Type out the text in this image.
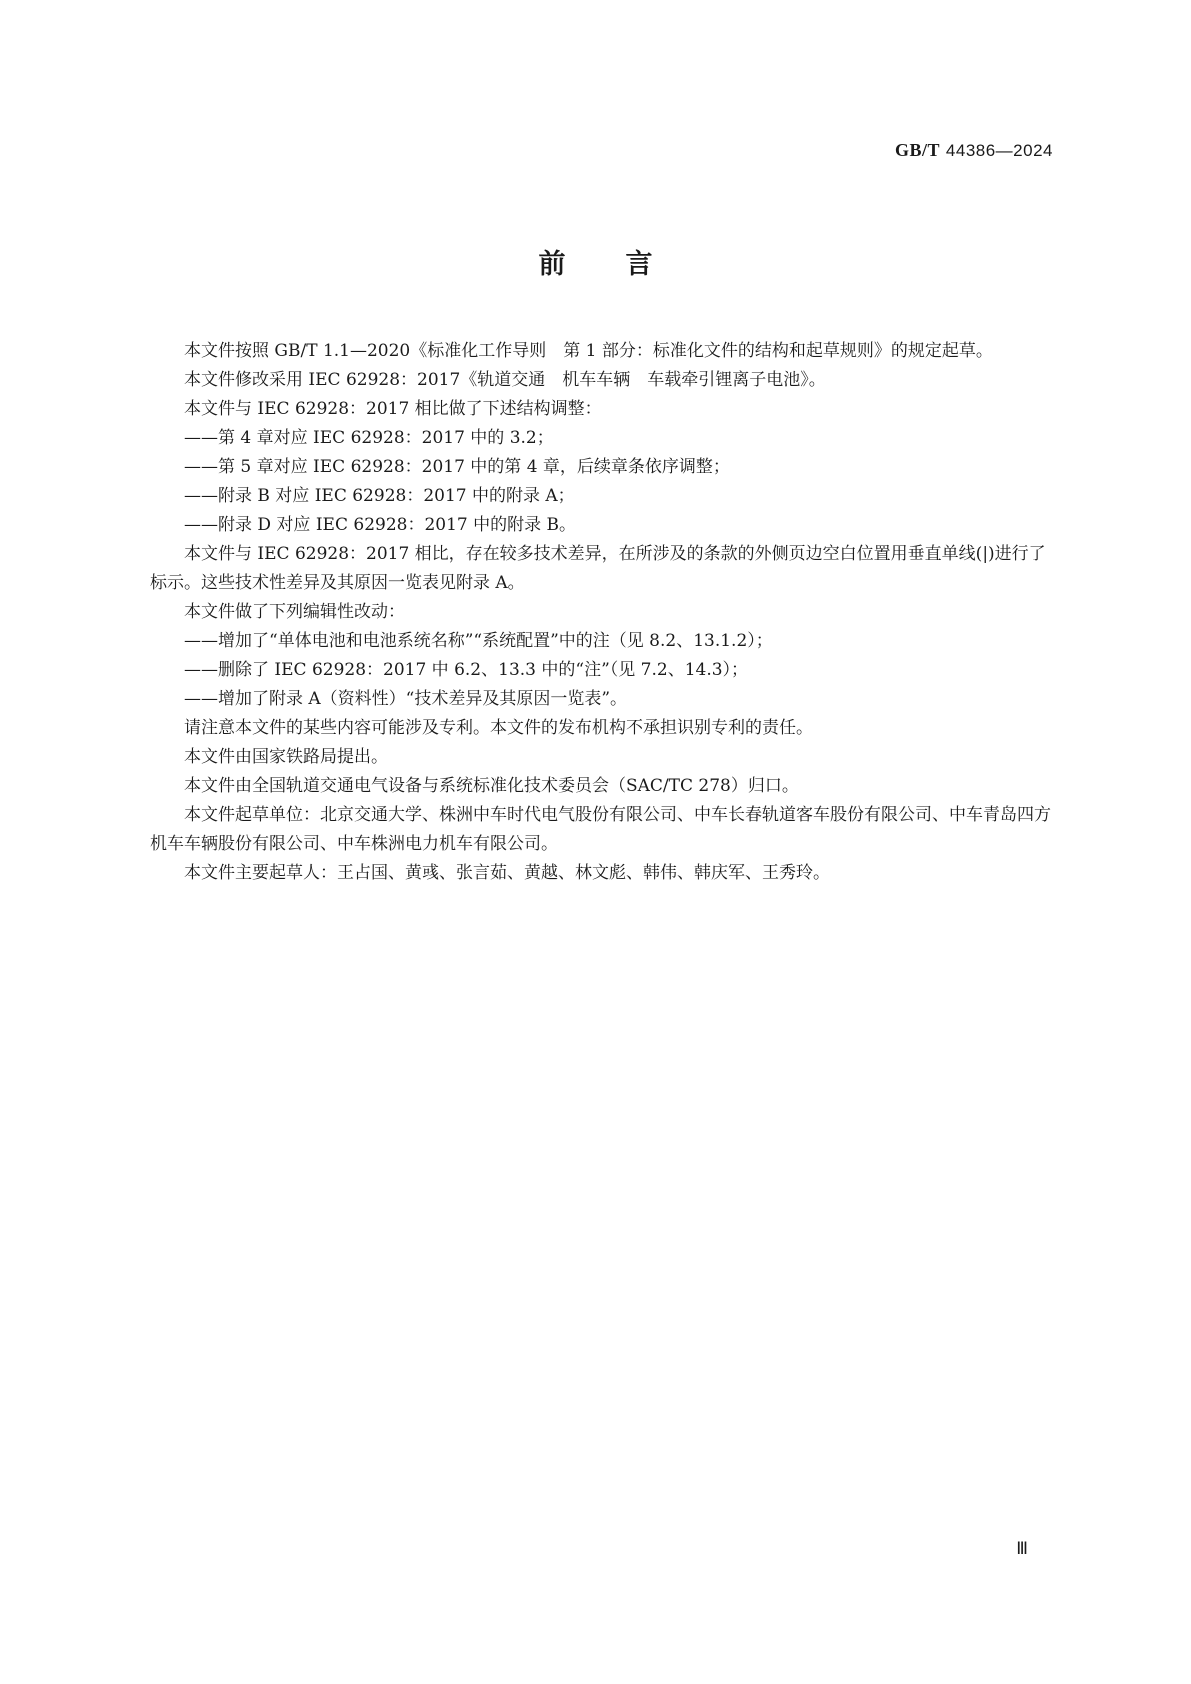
GB/T 44386—2024
前言

本文件按照 GB/T 1.1—2020《标准化工作导则　第 1 部分：标准化文件的结构和起草规则》的规定起草。

本文件修改采用 IEC 62928：2017《轨道交通　机车车辆　车载牵引锂离子电池》。

本文件与 IEC 62928：2017 相比做了下述结构调整：

——第 4 章对应 IEC 62928：2017 中的 3.2；

——第 5 章对应 IEC 62928：2017 中的第 4 章，后续章条依序调整；

——附录 B 对应 IEC 62928：2017 中的附录 A；

——附录 D 对应 IEC 62928：2017 中的附录 B。

本文件与 IEC 62928：2017 相比，存在较多技术差异，在所涉及的条款的外侧页边空白位置用垂直单线(|)进行了标示。这些技术性差异及其原因一览表见附录 A。

本文件做了下列编辑性改动：

——增加了“单体电池和电池系统名称”“系统配置”中的注（见 8.2、13.1.2）；

——删除了 IEC 62928：2017 中 6.2、13.3 中的“注”（见 7.2、14.3）；

——增加了附录 A（资料性）“技术差异及其原因一览表”。

请注意本文件的某些内容可能涉及专利。本文件的发布机构不承担识别专利的责任。

本文件由国家铁路局提出。

本文件由全国轨道交通电气设备与系统标准化技术委员会（SAC/TC 278）归口。

本文件起草单位：北京交通大学、株洲中车时代电气股份有限公司、中车长春轨道客车股份有限公司、中车青岛四方机车车辆股份有限公司、中车株洲电力机车有限公司。

本文件主要起草人：王占国、黄彧、张言茹、黄越、林文彪、韩伟、韩庆军、王秀玲。

Ⅲ
